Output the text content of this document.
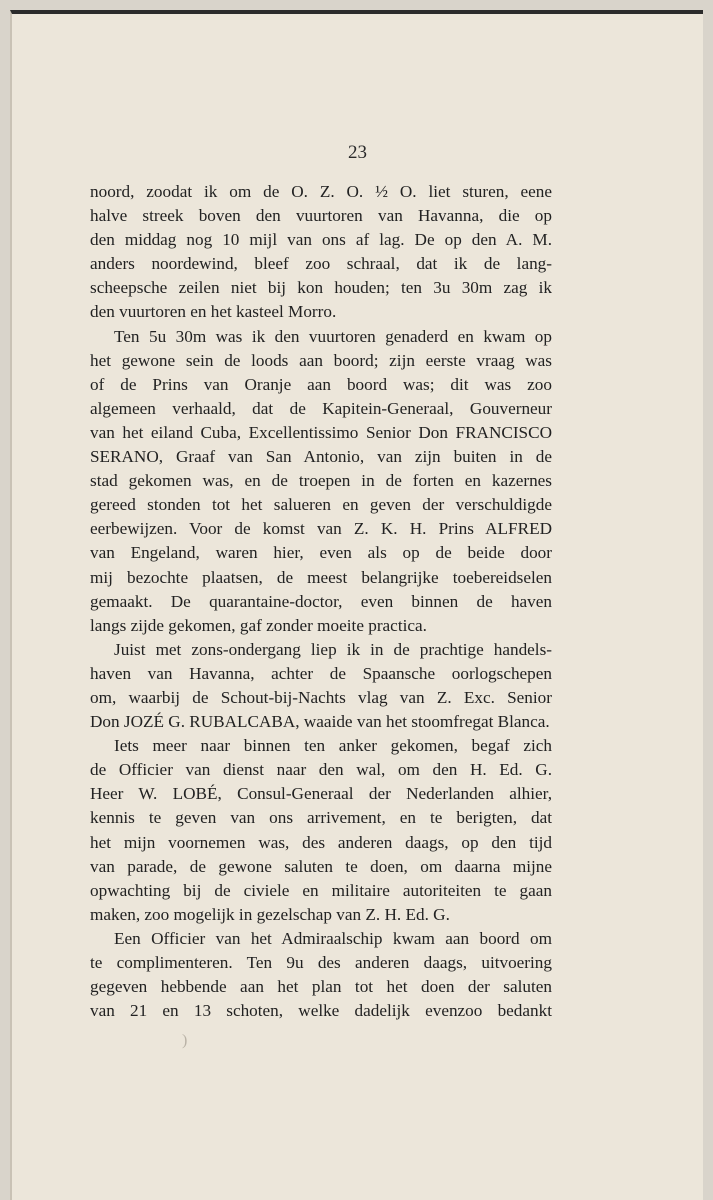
23

noord, zoodat ik om de O. Z. O. ½ O. liet sturen, eene
halve streek boven den vuurtoren van Havanna, die op
den middag nog 10 mijl van ons af lag. De op den A. M.
anders noordewind, bleef zoo schraal, dat ik de lang-
scheepsche zeilen niet bij kon houden; ten 3u 30m zag ik
den vuurtoren en het kasteel Morro.

Ten 5u 30m was ik den vuurtoren genaderd en kwam op
het gewone sein de loods aan boord; zijn eerste vraag was
of de Prins van Oranje aan boord was; dit was zoo
algemeen verhaald, dat de Kapitein-Generaal, Gouverneur
van het eiland Cuba, Excellentissimo Senior Don FRANCISCO
SERANO, Graaf van San Antonio, van zijn buiten in de
stad gekomen was, en de troepen in de forten en kazernes
gereed stonden tot het salueren en geven der verschuldigde
eerbewijzen. Voor de komst van Z. K. H. Prins ALFRED
van Engeland, waren hier, even als op de beide door
mij bezochte plaatsen, de meest belangrijke toebereidselen
gemaakt. De quarantaine-doctor, even binnen de haven
langs zijde gekomen, gaf zonder moeite practica.

Juist met zons-ondergang liep ik in de prachtige handels-
haven van Havanna, achter de Spaansche oorlogschepen
om, waarbij de Schout-bij-Nachts vlag van Z. Exc. Senior
Don JOZÉ G. RUBALCABA, waaide van het stoomfregat Blanca.

Iets meer naar binnen ten anker gekomen, begaf zich
de Officier van dienst naar den wal, om den H. Ed. G.
Heer W. LOBÉ, Consul-Generaal der Nederlanden alhier,
kennis te geven van ons arrivement, en te berigten, dat
het mijn voornemen was, des anderen daags, op den tijd
van parade, de gewone saluten te doen, om daarna mijne
opwachting bij de civiele en militaire autoriteiten te gaan
maken, zoo mogelijk in gezelschap van Z. H. Ed. G.

Een Officier van het Admiraalschip kwam aan boord om
te complimenteren. Ten 9u des anderen daags, uitvoering
gegeven hebbende aan het plan tot het doen der saluten
van 21 en 13 schoten, welke dadelijk evenzoo bedankt

)
